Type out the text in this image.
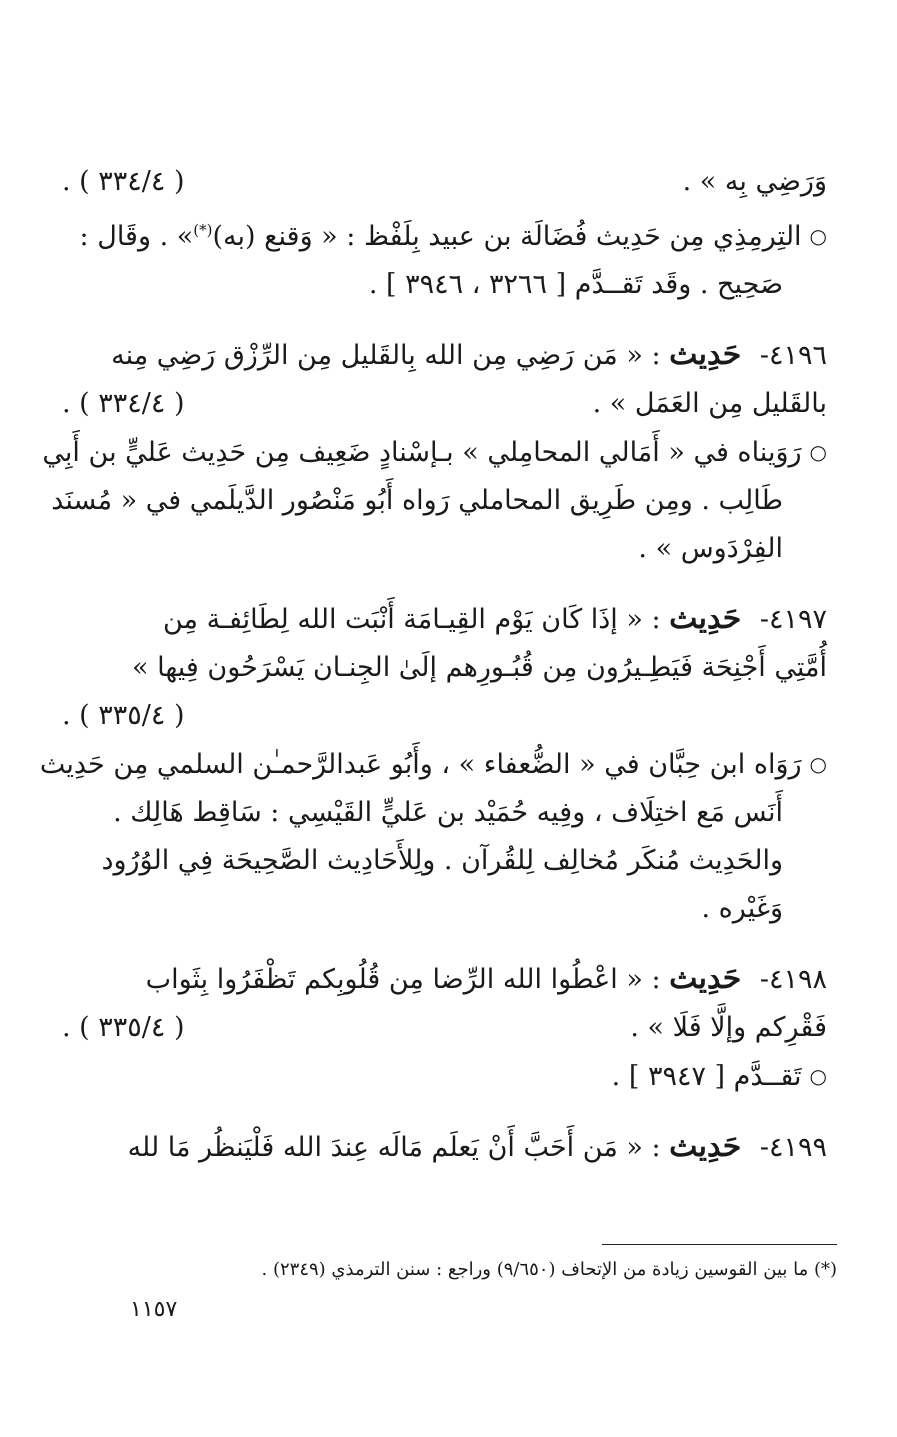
وَرَضِي بِه » .
( ٣٣٤/٤ ) .
○التِرمِذِي مِن حَدِيث فُضَالَة بن عبيد بِلَفْظ : « وَقنع (به)(*)» . وقَال :
صَحِيح . وقَد تَقــدَّم [ ٣٢٦٦ ، ٣٩٤٦ ] .
٤١٩٦- حَدِيث : « مَن رَضِي مِن الله بِالقَليل مِن الرِّزْق رَضِي مِنه
بالقَليل مِن العَمَل » .
( ٣٣٤/٤ ) .
○رَوَيناه في « أَمَالي المحامِلي » بـإسْنادٍ ضَعِيف مِن حَدِيث عَليٍّ بن أَبِي
طَالِب . ومِن طَرِيق المحاملي رَواه أَبُو مَنْصُور الدَّيلَمي في « مُسنَد
الفِرْدَوس » .
٤١٩٧- حَدِيث : « إذَا كَان يَوْم القِيـامَة أَنْبَت الله لِطَائِفـة مِن
أُمَّتِي أَجْنِحَة فَيَطِـيرُون مِن قُبُـورِهم إلَىٰ الجِنـان يَسْرَحُون فِيها »
( ٣٣٥/٤ ) .
○رَوَاه ابن حِبَّان في « الضُّعفاء » ، وأَبُو عَبدالرَّحمـٰن السلمي مِن حَدِيث
أَنَس مَع اختِلَاف ، وفِيه حُمَيْد بن عَليٍّ القَيْسِي : سَاقِط هَالِك .
والحَدِيث مُنكَر مُخالِف لِلقُرآن . ولِلأَحَادِيث الصَّحِيحَة فِي الوُرُود
وَغَيْره .
٤١٩٨- حَدِيث : « اعْطُوا الله الرِّضا مِن قُلُوبِكم تَظْفَرُوا بِثَواب
فَقْرِكم وإلَّا فَلَا » .
( ٣٣٥/٤ ) .
○تَقــدَّم [ ٣٩٤٧ ] .
٤١٩٩- حَدِيث : « مَن أَحَبَّ أَنْ يَعلَم مَالَه عِندَ الله فَلْيَنظُر مَا لله
(*) ما بين القوسين زيادة من الإتحاف (٩/٦٥٠) وراجع : سنن الترمذي (٢٣٤٩) .
١١٥٧
